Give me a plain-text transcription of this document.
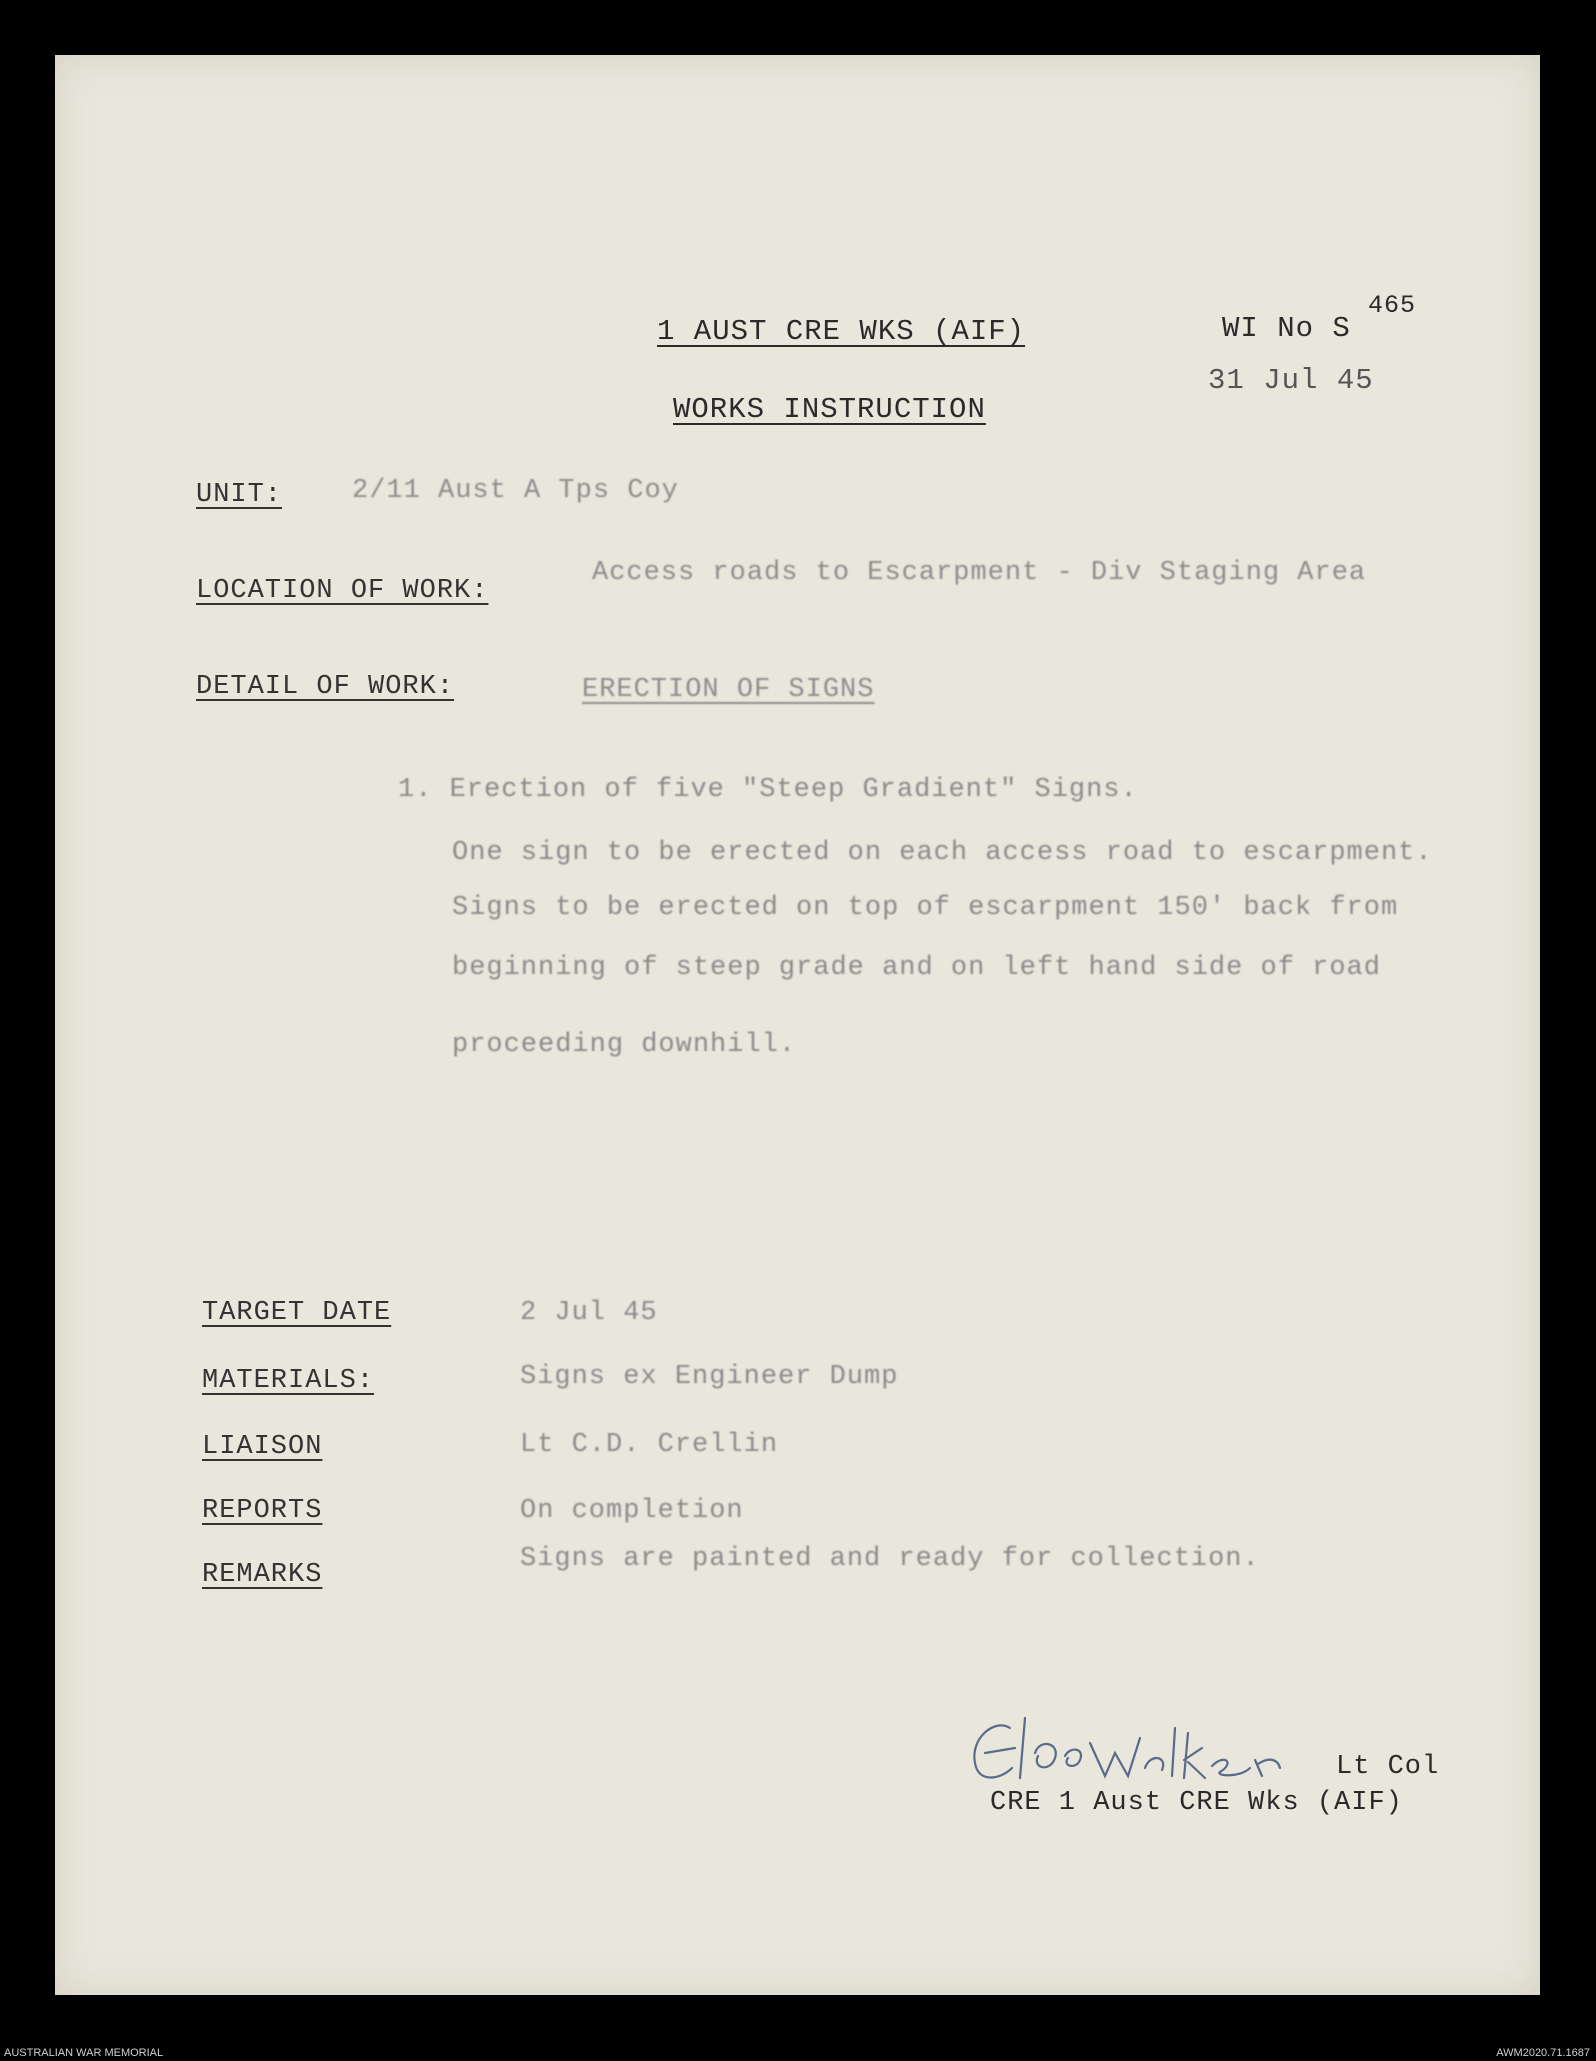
1 AUST CRE WKS (AIF)	WI No S
465
31 Jul 45
WORKS INSTRUCTION
UNIT:	2/11 Aust A Tps Coy
LOCATION OF WORK:
Access roads to Escarpment - Div Staging Area
DETAIL OF WORK:	ERECTION OF SIGNS
1. Erection of five "Steep Gradient" Signs.
One sign to be erected on each access road to escarpment.
Signs to be erected on top of escarpment 150' back from
beginning of steep grade and on left hand side of road
proceeding downhill.
TARGET DATE	2 Jul 45
MATERIALS:	Signs ex Engineer Dump
LIAISON	Lt C.D. Crellin
REPORTS	On completion
REMARKS
Signs are painted and ready for collection.
Lt Col
CRE 1 Aust CRE Wks (AIF)
AUSTRALIAN WAR MEMORIAL	AWM2020.71.1687
